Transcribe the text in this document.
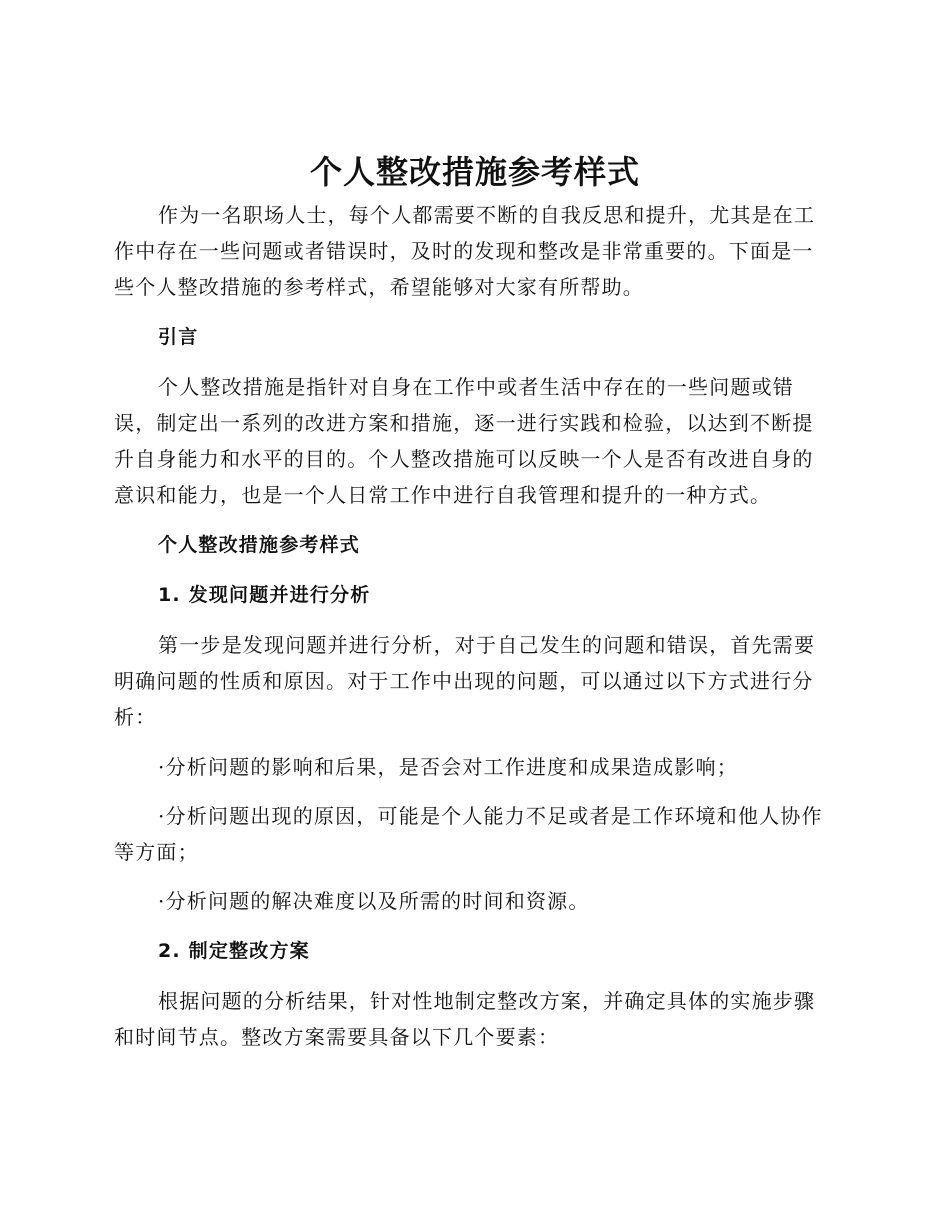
个人整改措施参考样式

作为一名职场人士，每个人都需要不断的自我反思和提升，尤其是在工作中存在一些问题或者错误时，及时的发现和整改是非常重要的。下面是一些个人整改措施的参考样式，希望能够对大家有所帮助。

引言

个人整改措施是指针对自身在工作中或者生活中存在的一些问题或错误，制定出一系列的改进方案和措施，逐一进行实践和检验，以达到不断提升自身能力和水平的目的。个人整改措施可以反映一个人是否有改进自身的意识和能力，也是一个人日常工作中进行自我管理和提升的一种方式。

个人整改措施参考样式

1. 发现问题并进行分析

第一步是发现问题并进行分析，对于自己发生的问题和错误，首先需要明确问题的性质和原因。对于工作中出现的问题，可以通过以下方式进行分析：

·分析问题的影响和后果，是否会对工作进度和成果造成影响；

·分析问题出现的原因，可能是个人能力不足或者是工作环境和他人协作等方面；

·分析问题的解决难度以及所需的时间和资源。

2. 制定整改方案

根据问题的分析结果，针对性地制定整改方案，并确定具体的实施步骤和时间节点。整改方案需要具备以下几个要素：
